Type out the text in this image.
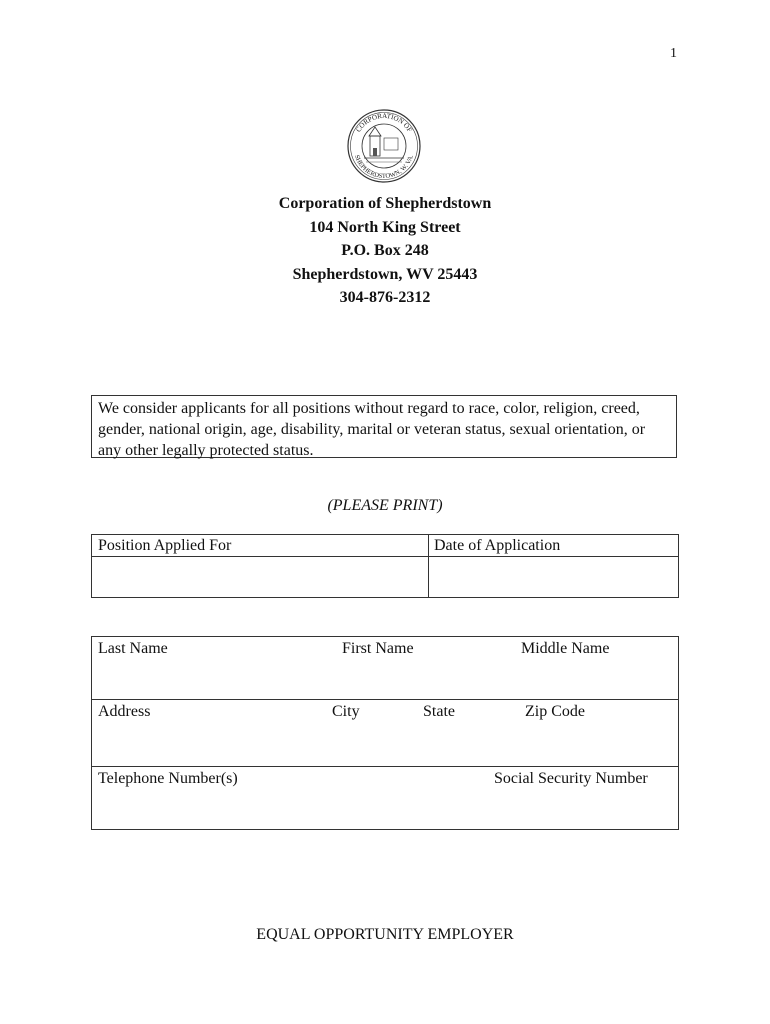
1
CORPORATION OF
SHEPHERDSTOWN, W. VA.
Corporation of Shepherdstown
104 North King Street
P.O. Box 248
Shepherdstown, WV 25443
304-876-2312
We consider applicants for all positions without regard to race, color, religion, creed, gender, national origin, age, disability, marital or veteran status, sexual orientation, or any other legally protected status.
(PLEASE PRINT)
Position Applied For	Date of Application
Last Name	First Name	Middle Name
Address	City	State	Zip Code
Telephone Number(s)	Social Security Number
EQUAL OPPORTUNITY EMPLOYER
